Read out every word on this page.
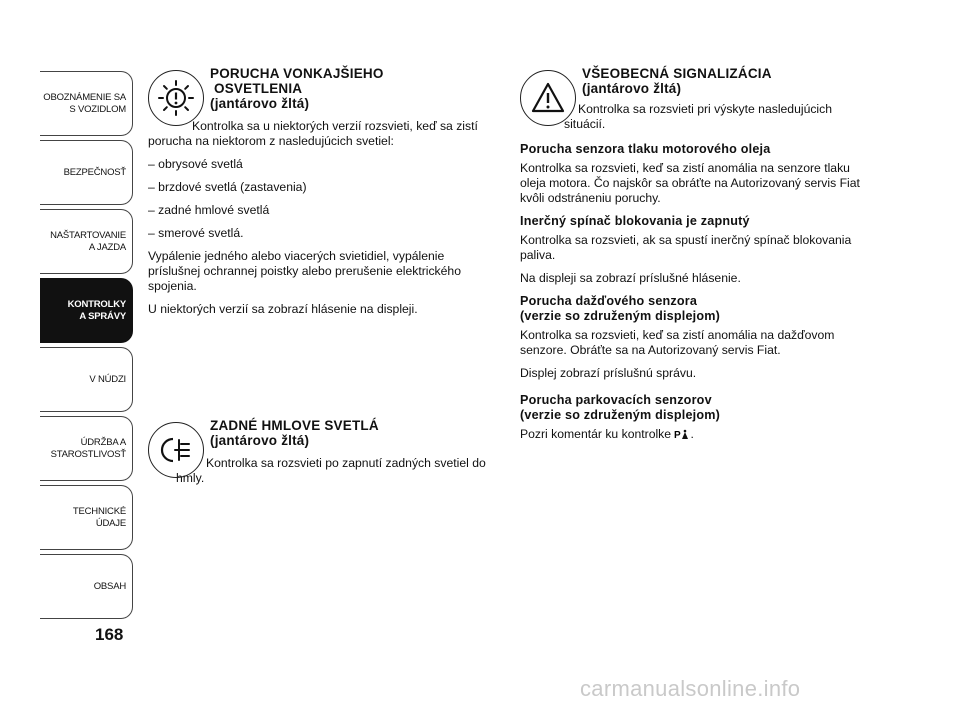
OBOZNÁMENIE SA
S VOZIDLOM
BEZPEČNOSŤ
NAŠTARTOVANIE
A JAZDA
KONTROLKY
A SPRÁVY
V NÚDZI
ÚDRŽBA A
STAROSTLIVOSŤ
TECHNICKÉ
ÚDAJE
OBSAH
168
PORUCHA VONKAJŠIEHO
OSVETLENIA
(jantárovo žltá)

Kontrolka sa u niektorých verzií rozsvieti, keď sa zistí porucha na niektorom z nasledujúcich svetiel:

– obrysové svetlá

– brzdové svetlá (zastavenia)

– zadné hmlové svetlá

– smerové svetlá.

Vypálenie jedného alebo viacerých svietidiel, vypálenie príslušnej ochrannej poistky alebo prerušenie elektrického spojenia.

U niektorých verzií sa zobrazí hlásenie na displeji.

ZADNÉ HMLOVE SVETLÁ
(jantárovo žltá)

Kontrolka sa rozsvieti po zapnutí zadných svetiel do hmly.

VŠEOBECNÁ SIGNALIZÁCIA
(jantárovo žltá)

Kontrolka sa rozsvieti pri výskyte nasledujúcich situácií.

Porucha senzora tlaku motorového oleja

Kontrolka sa rozsvieti, keď sa zistí anomália na senzore tlaku oleja motora. Čo najskôr sa obráťte na Autorizovaný servis Fiat kvôli odstráneniu poruchy.

Inerčný spínač blokovania je zapnutý

Kontrolka sa rozsvieti, ak sa spustí inerčný spínač blokovania paliva.

Na displeji sa zobrazí príslušné hlásenie.

Porucha dažďového senzora
(verzie so združeným displejom)

Kontrolka sa rozsvieti, keď sa zistí anomália na dažďovom senzore. Obráťte sa na Autorizovaný servis Fiat.

Displej zobrazí príslušnú správu.

Porucha parkovacích senzorov
(verzie so združeným displejom)

Pozri komentár ku kontrolke P .

carmanualsonline.info
